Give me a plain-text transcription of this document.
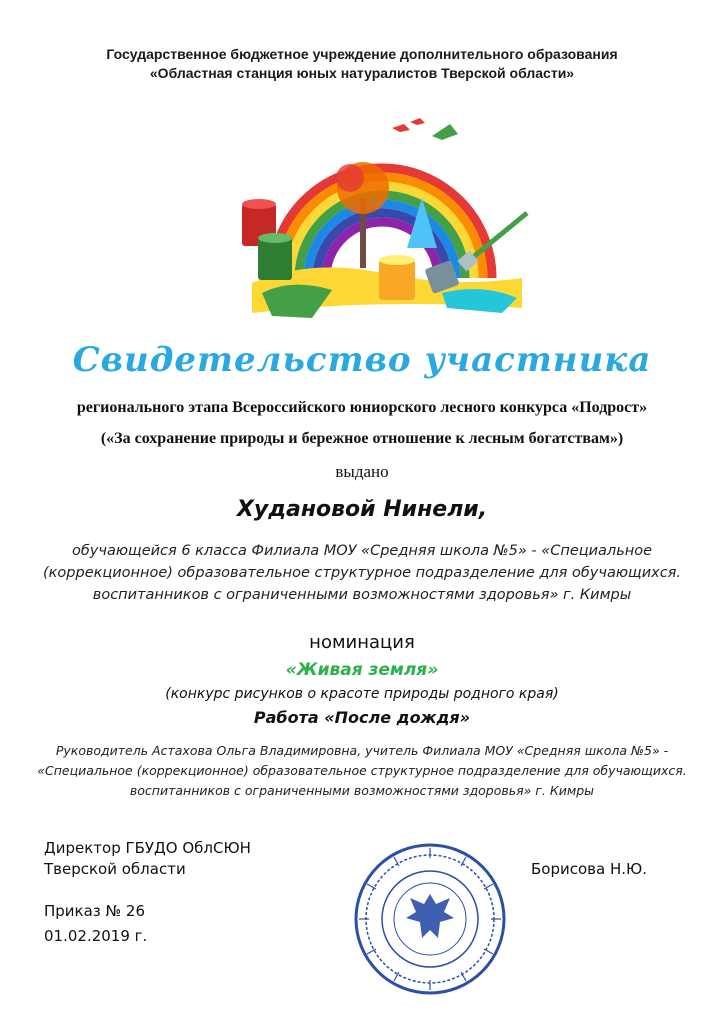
Государственное бюджетное учреждение дополнительного образования
«Областная станция юных натуралистов Тверской области»
Свидетельство участника
регионального этапа Всероссийского юниорского лесного конкурса «Подрост»
(«За сохранение природы и бережное отношение к лесным богатствам»)
выдано
Худановой Нинели,
обучающейся 6 класса Филиала МОУ «Средняя школа №5» - «Специальное
(коррекционное) образовательное структурное подразделение для обучающихся.
воспитанников с ограниченными возможностями здоровья» г. Кимры
номинация
«Живая земля»
(конкурс рисунков о красоте природы родного края)
Работа «После дождя»
Руководитель Астахова Ольга Владимировна, учитель Филиала МОУ «Средняя школа №5» -
«Специальное (коррекционное) образовательное структурное подразделение для обучающихся.
воспитанников с ограниченными возможностями здоровья» г. Кимры
Директор ГБУДО ОблСЮН
Тверской области	Борисова Н.Ю.
Приказ № 26
01.02.2019 г.
